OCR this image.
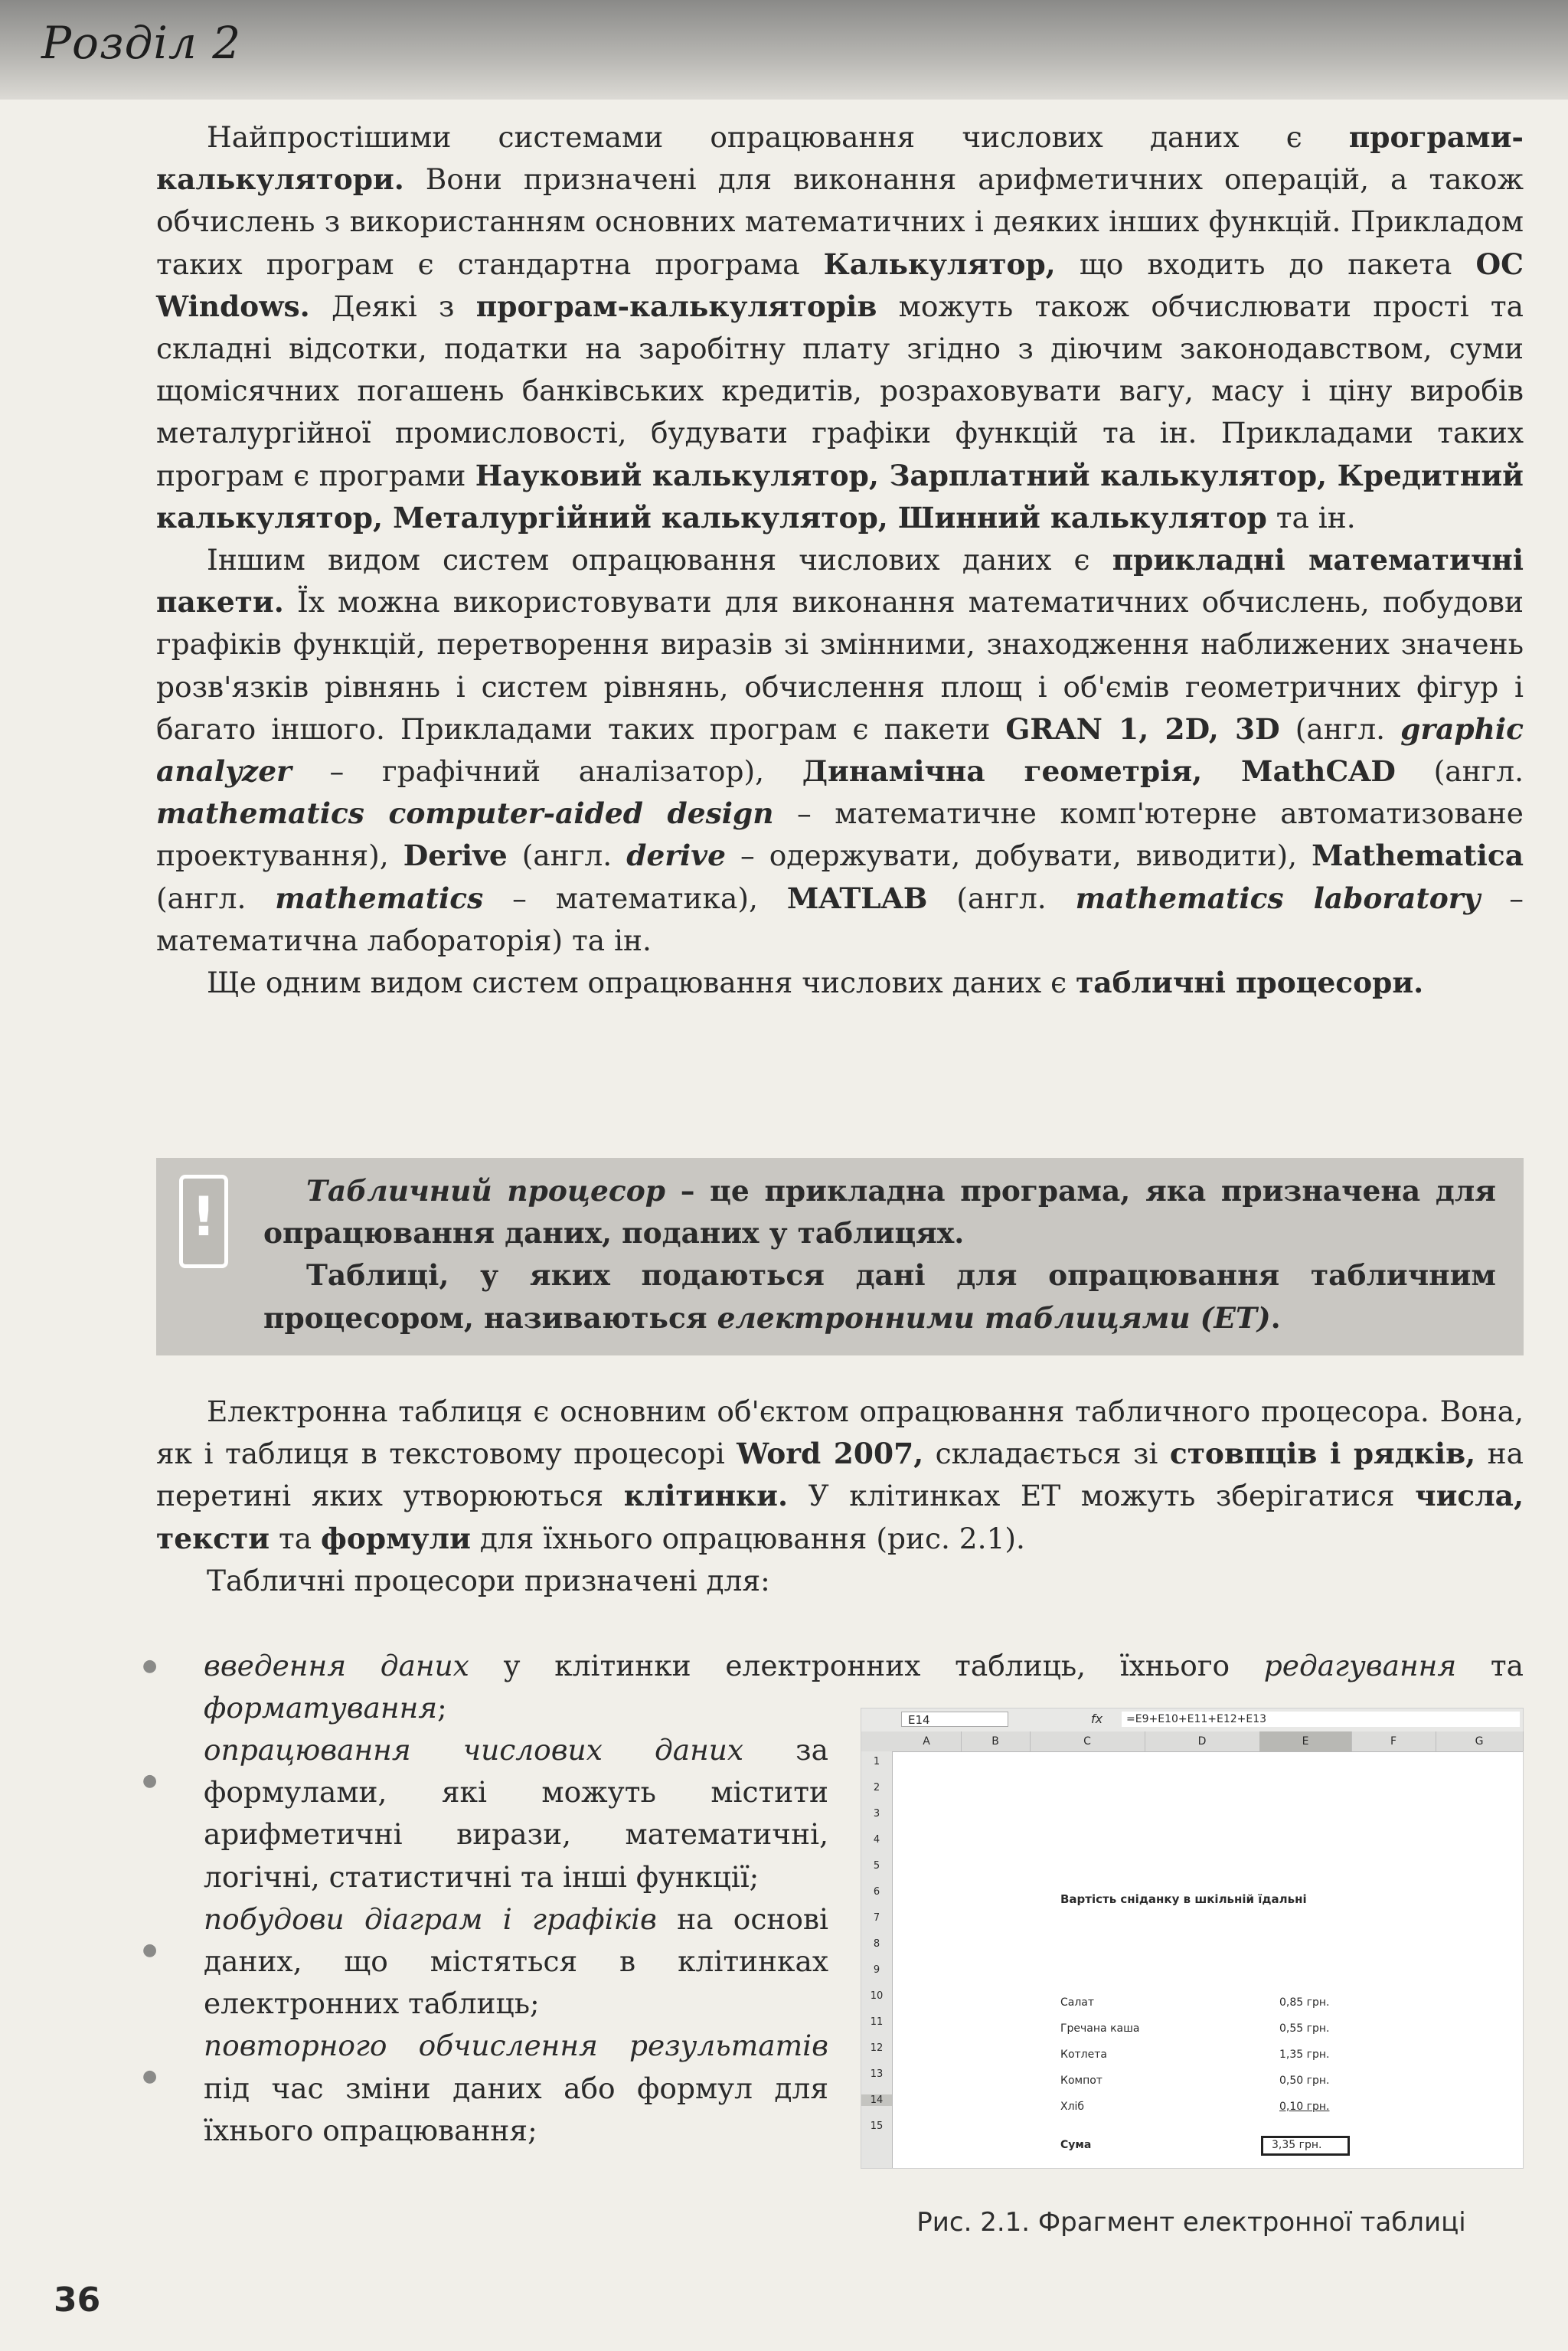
Розділ 2

Найпростішими системами опрацювання числових даних є програми-калькулятори. Вони призначені для виконання арифметичних операцій, а також обчислень з використанням основних математичних і деяких інших функцій. Прикладом таких програм є стандартна програма Калькулятор, що входить до пакета ОС Windows. Деякі з програм-калькуляторів можуть також обчислювати прості та складні відсотки, податки на заробітну плату згідно з діючим законодавством, суми щомісячних погашень банківських кредитів, розраховувати вагу, масу і ціну виробів металургійної промисловості, будувати графіки функцій та ін. Прикладами таких програм є програми Науковий калькулятор, Зарплатний калькулятор, Кредитний калькулятор, Металургійний калькулятор, Шинний калькулятор та ін.

Іншим видом систем опрацювання числових даних є прикладні математичні пакети. Їх можна використовувати для виконання математичних обчислень, побудови графіків функцій, перетворення виразів зі змінними, знаходження наближених значень розв'язків рівнянь і систем рівнянь, обчислення площ і об'ємів геометричних фігур і багато іншого. Прикладами таких програм є пакети GRAN 1, 2D, 3D (англ. graphic analyzer – графічний аналізатор), Динамічна геометрія, MathCAD (англ. mathematics computer-aided design – математичне комп'ютерне автоматизоване проектування), Derive (англ. derive – одержувати, добувати, виводити), Mathematica (англ. mathematics – математика), MATLAB (англ. mathematics laboratory – математична лабораторія) та ін.

Ще одним видом систем опрацювання числових даних є табличні процесори.

!	Табличний процесор – це прикладна програма, яка призначена для опрацювання даних, поданих у таблицях.

Таблиці, у яких подаються дані для опрацювання табличним процесором, називаються електронними таблицями (ЕТ).

Електронна таблиця є основним об'єктом опрацювання табличного процесора. Вона, як і таблиця в текстовому процесорі Word 2007, складається зі стовпців і рядків, на перетині яких утворюються клітинки. У клітинках ЕТ можуть зберігатися числа, тексти та формули для їхнього опрацювання (рис. 2.1).

Табличні процесори призначені для:

● введення даних у клітинки електронних таблиць, їхнього редагування та форматування;

●
опрацювання числових даних за формулами, які можуть містити арифметичні вирази, математичні, логічні, статистичні та інші функції;

●
побудови діаграм і графіків на основі даних, що містяться в клітинках електронних таблиць;

●
повторного обчислення результатів під час зміни даних або формул для їхнього опрацювання;

E14	fx	=E9+E10+E11+E12+E13
A	B	C	D	E	F	G
1
2
3
4
5
6
7
8
9
10
11
12
13
14
15
Вартість сніданку в шкільній їдальні
Салат	0,85 грн.
Гречана каша	0,55 грн.
Котлета	1,35 грн.
Компот	0,50 грн.
Хліб	0,10 грн.
Сума	3,35 грн.
Рис. 2.1. Фрагмент електронної таблиці
36
